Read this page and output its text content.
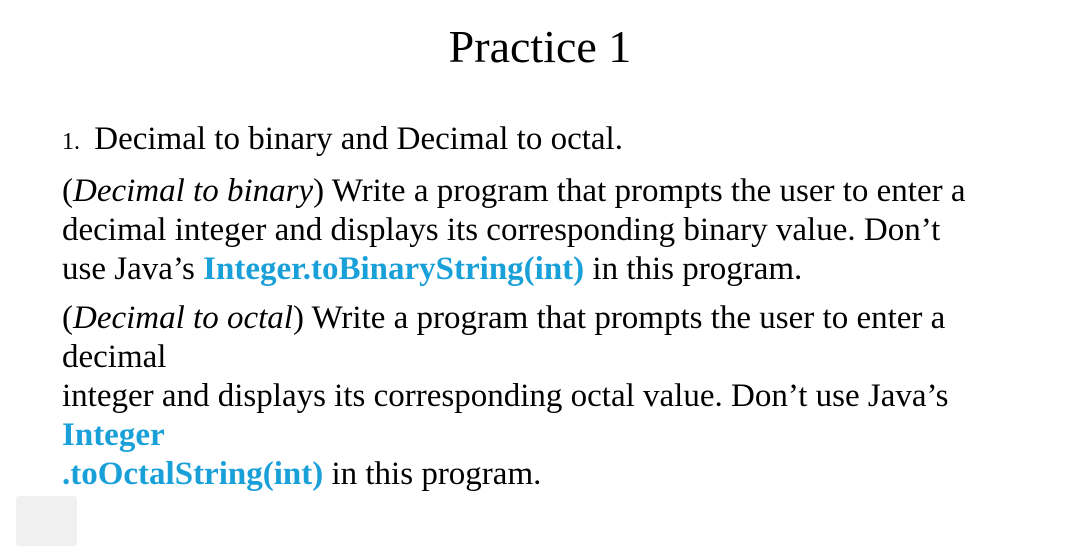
Practice 1
1. Decimal to binary and Decimal to octal.
(Decimal to binary) Write a program that prompts the user to enter a
decimal integer and displays its corresponding binary value. Don’t
use Java’s Integer.toBinaryString(int) in this program.
(Decimal to octal) Write a program that prompts the user to enter a
decimal
integer and displays its corresponding octal value. Don’t use Java’s
Integer
.toOctalString(int) in this program.
